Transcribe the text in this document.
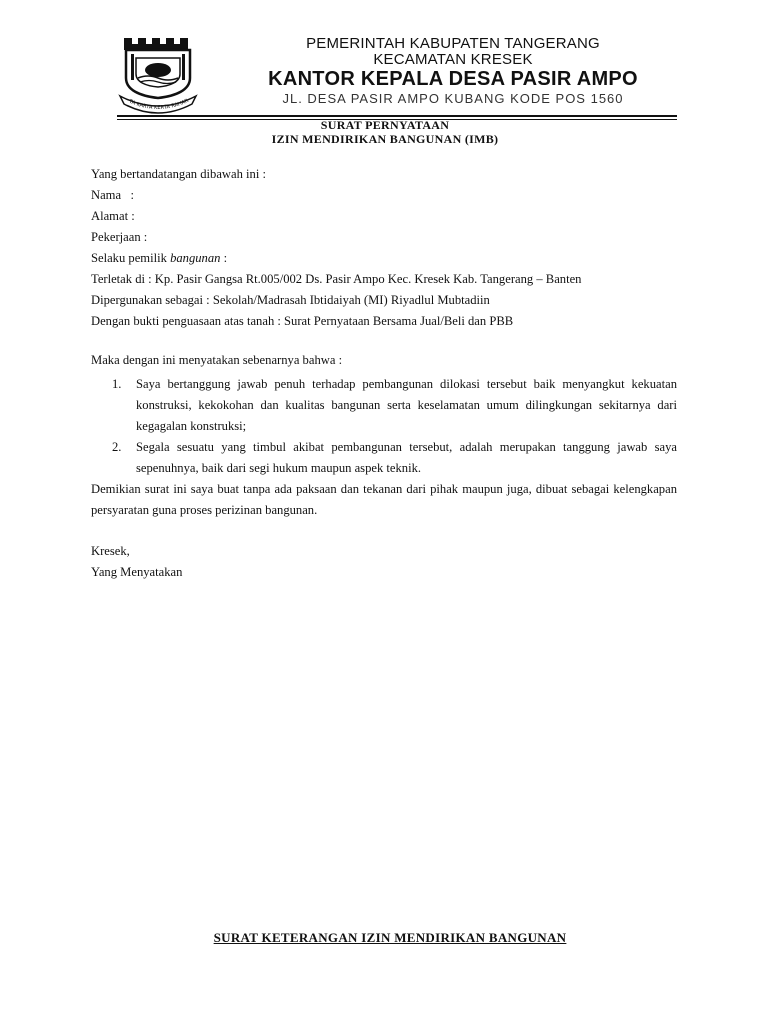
TA KARYA KERTA RAHAR
PEMERINTAH KABUPATEN TANGERANG
KECAMATAN KRESEK
KANTOR KEPALA DESA PASIR AMPO
JL. DESA PASIR AMPO KUBANG KODE POS 1560
SURAT PERNYATAAN
IZIN MENDIRIKAN BANGUNAN (IMB)

Yang bertandatangan dibawah ini :

Nama   :

Alamat :

Pekerjaan :

Selaku pemilik bangunan :

Terletak di : Kp. Pasir Gangsa Rt.005/002 Ds. Pasir Ampo Kec. Kresek Kab. Tangerang – Banten

Dipergunakan sebagai : Sekolah/Madrasah Ibtidaiyah (MI) Riyadlul Mubtadiin

Dengan bukti penguasaan atas tanah : Surat Pernyataan Bersama Jual/Beli dan PBB

Maka dengan ini menyatakan sebenarnya bahwa :
1. Saya bertanggung jawab penuh terhadap pembangunan dilokasi tersebut baik menyangkut kekuatan konstruksi, kekokohan dan kualitas bangunan serta keselamatan umum dilingkungan sekitarnya dari kegagalan konstruksi;
2. Segala sesuatu yang timbul akibat pembangunan tersebut, adalah merupakan tanggung jawab saya sepenuhnya, baik dari segi hukum maupun aspek teknik.
Demikian surat ini saya buat tanpa ada paksaan dan tekanan dari pihak maupun juga, dibuat sebagai kelengkapan persyaratan guna proses perizinan bangunan.

Kresek,

Yang Menyatakan

SURAT KETERANGAN IZIN MENDIRIKAN BANGUNAN
